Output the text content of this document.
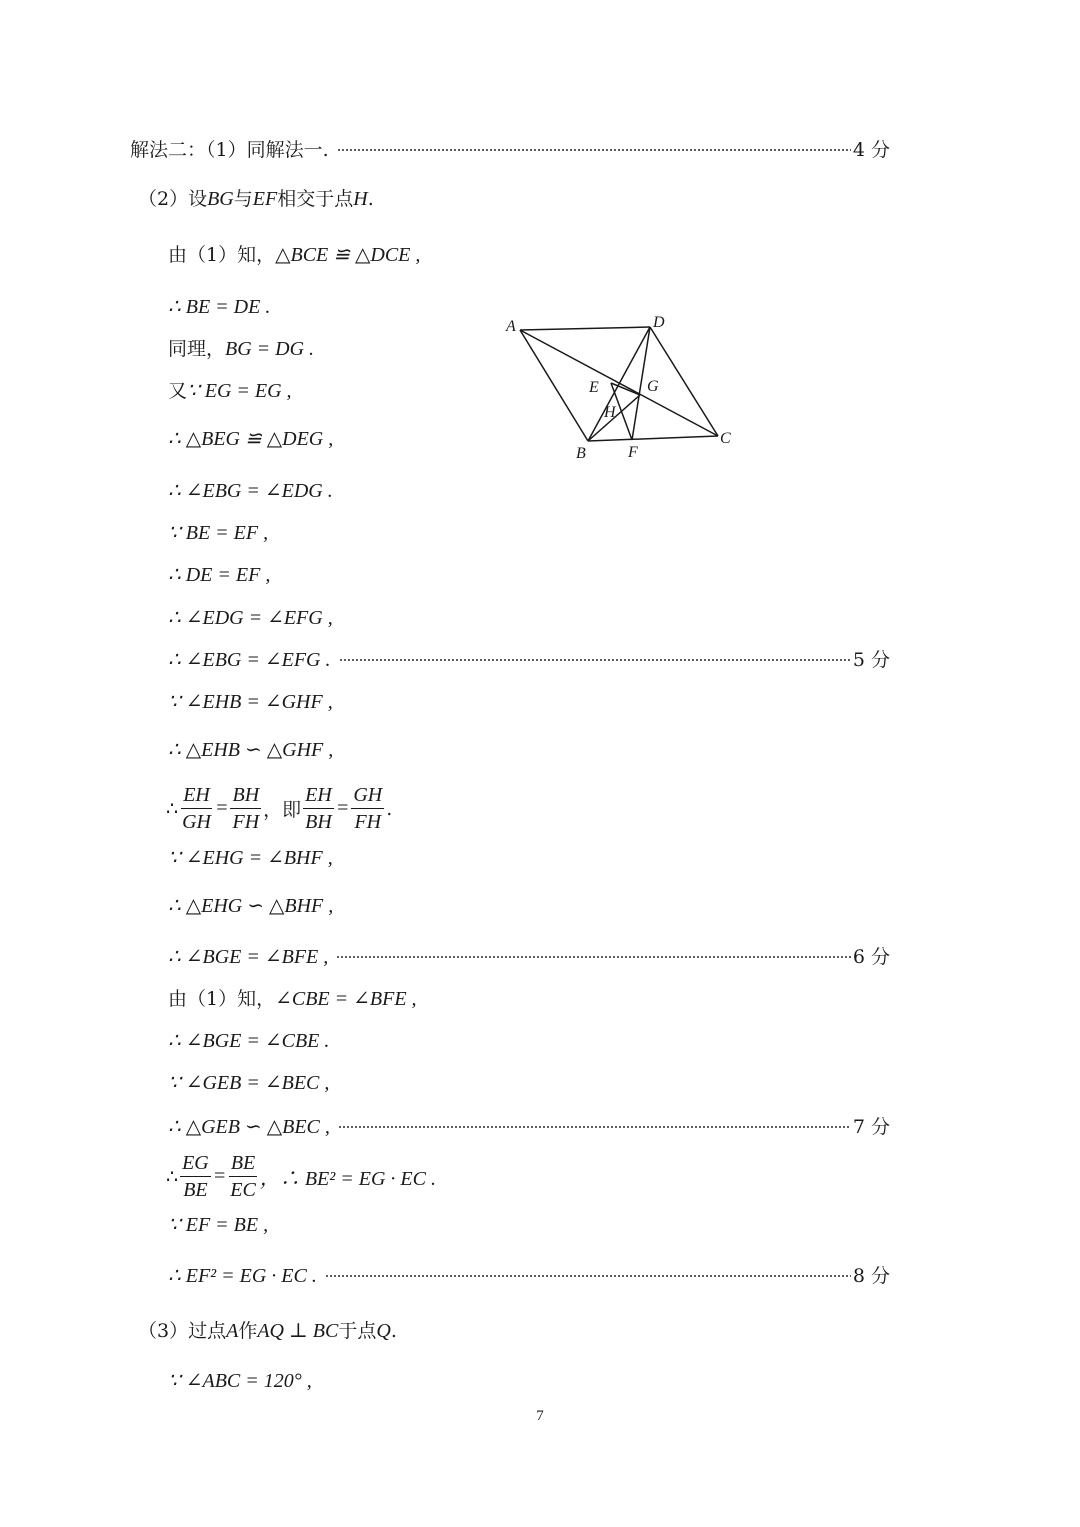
解法二：（1）同解法一.	4 分
（2）设BG与EF相交于点H.
由（1）知，△BCE ≌ △DCE ,
∴ BE = DE .
同理，BG = DG .
又∵ EG = EG ,
∴ △BEG ≌ △DEG ,
∴ ∠EBG = ∠EDG .
∵ BE = EF ,
∴ DE = EF ,
∴ ∠EDG = ∠EFG ,
∴ ∠EBG = ∠EFG .	5 分
∵ ∠EHB = ∠GHF ,
∴ △EHB ∽ △GHF ,
∴ $\frac{EH}{GH} = \frac{BH}{FH}$ ，即 $\frac{EH}{BH} = \frac{GH}{FH}$ .
∵ ∠EHG = ∠BHF ,
∴ △EHG ∽ △BHF ,
∴ ∠BGE = ∠BFE ,	6 分
由（1）知，∠CBE = ∠BFE ,
∴ ∠BGE = ∠CBE .
∵ ∠GEB = ∠BEC ,
∴ △GEB ∽ △BEC ,	7 分
∴ $\frac{EG}{BE} = \frac{BE}{EC}$ ，∴ BE² = EG · EC .
∵ EF = BE ,
∴ EF² = EG · EC .	8 分
（3）过点A作AQ ⊥ BC于点Q.
∵ ∠ABC = 120° ,
A	D
E	G
H
B	F
C
7
